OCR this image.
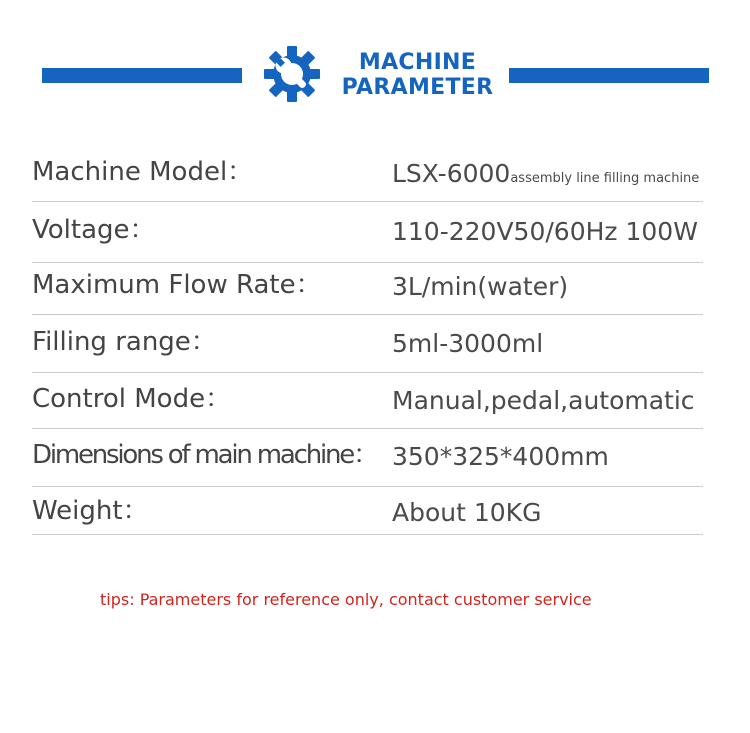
MACHINE
PARAMETER
Machine Model：	LSX-6000assembly line filling machine
Voltage：	110-220V50/60Hz 100W
Maximum Flow Rate：	3L/min(water)
Filling range：	5ml-3000ml
Control Mode：	Manual,pedal,automatic
Dimensions of main machine： 350*325*400mm
Weight：	About 10KG
tips: Parameters for reference only, contact customer service
